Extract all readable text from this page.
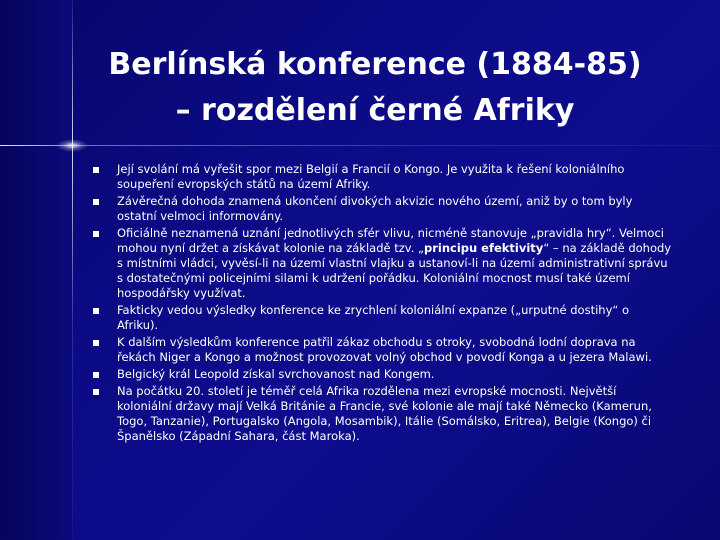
Berlínská konference (1884-85)
– rozdělení černé Afriky
Její svolání má vyřešit spor mezi Belgií a Francií o Kongo. Je využita k řešení koloniálního soupeření evropských států na území Afriky.
Závěrečná dohoda znamená ukončení divokých akvizic nového území, aniž by o tom byly ostatní velmoci informovány.
Oficiálně neznamená uznání jednotlivých sfér vlivu, nicméně stanovuje „pravidla hry“. Velmoci mohou nyní držet a získávat kolonie na základě tzv. „principu efektivity“ – na základě dohody s místními vládci, vyvěsí-li na území vlastní vlajku a ustanoví-li na území administrativní správu s dostatečnými policejními silami k udržení pořádku. Koloniální mocnost musí také území hospodářsky využívat.
Fakticky vedou výsledky konference ke zrychlení koloniální expanze („urputné dostihy“ o Afriku).
K dalším výsledkům konference patřil zákaz obchodu s otroky, svobodná lodní doprava na řekách Niger a Kongo a možnost provozovat volný obchod v povodí Konga a u jezera Malawi.
Belgický král Leopold získal svrchovanost nad Kongem.
Na počátku 20. století je téměř celá Afrika rozdělena mezi evropské mocnosti. Největší koloniální državy mají Velká Británie a Francie, své kolonie ale mají také Německo (Kamerun, Togo, Tanzanie), Portugalsko (Angola, Mosambik), Itálie (Somálsko, Eritrea), Belgie (Kongo) či Španělsko (Západní Sahara, část Maroka).
